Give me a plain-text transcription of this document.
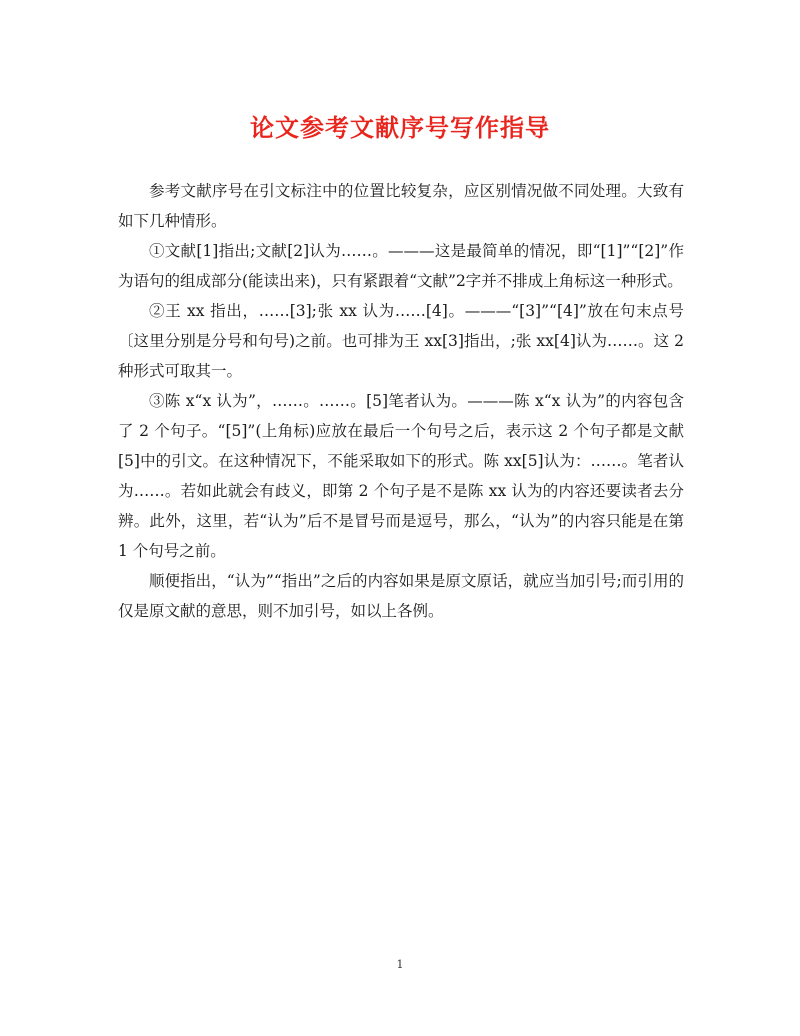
论文参考文献序号写作指导

参考文献序号在引文标注中的位置比较复杂，应区别情况做不同处理。大致有如下几种情形。

①文献[1]指出;文献[2]认为……。———这是最简单的情况，即“[1]”“[2]”作为语句的组成部分(能读出来)，只有紧跟着“文献”2字并不排成上角标这一种形式。

②王 xx 指出，……[3];张 xx 认为……[4]。———“[3]”“[4]”放在句末点号〔这里分别是分号和句号)之前。也可排为王 xx[3]指出，;张 xx[4]认为……。这 2 种形式可取其一。

③陈 x“x 认为”，……。……。[5]笔者认为。———陈 x“x 认为”的内容包含了 2 个句子。“[5]”(上角标)应放在最后一个句号之后，表示这 2 个句子都是文献[5]中的引文。在这种情况下，不能采取如下的形式。陈 xx[5]认为：……。笔者认为……。若如此就会有歧义，即第 2 个句子是不是陈 xx 认为的内容还要读者去分辨。此外，这里，若“认为”后不是冒号而是逗号，那么，“认为”的内容只能是在第 1 个句号之前。

顺便指出，“认为”“指出”之后的内容如果是原文原话，就应当加引号;而引用的仅是原文献的意思，则不加引号，如以上各例。

1
